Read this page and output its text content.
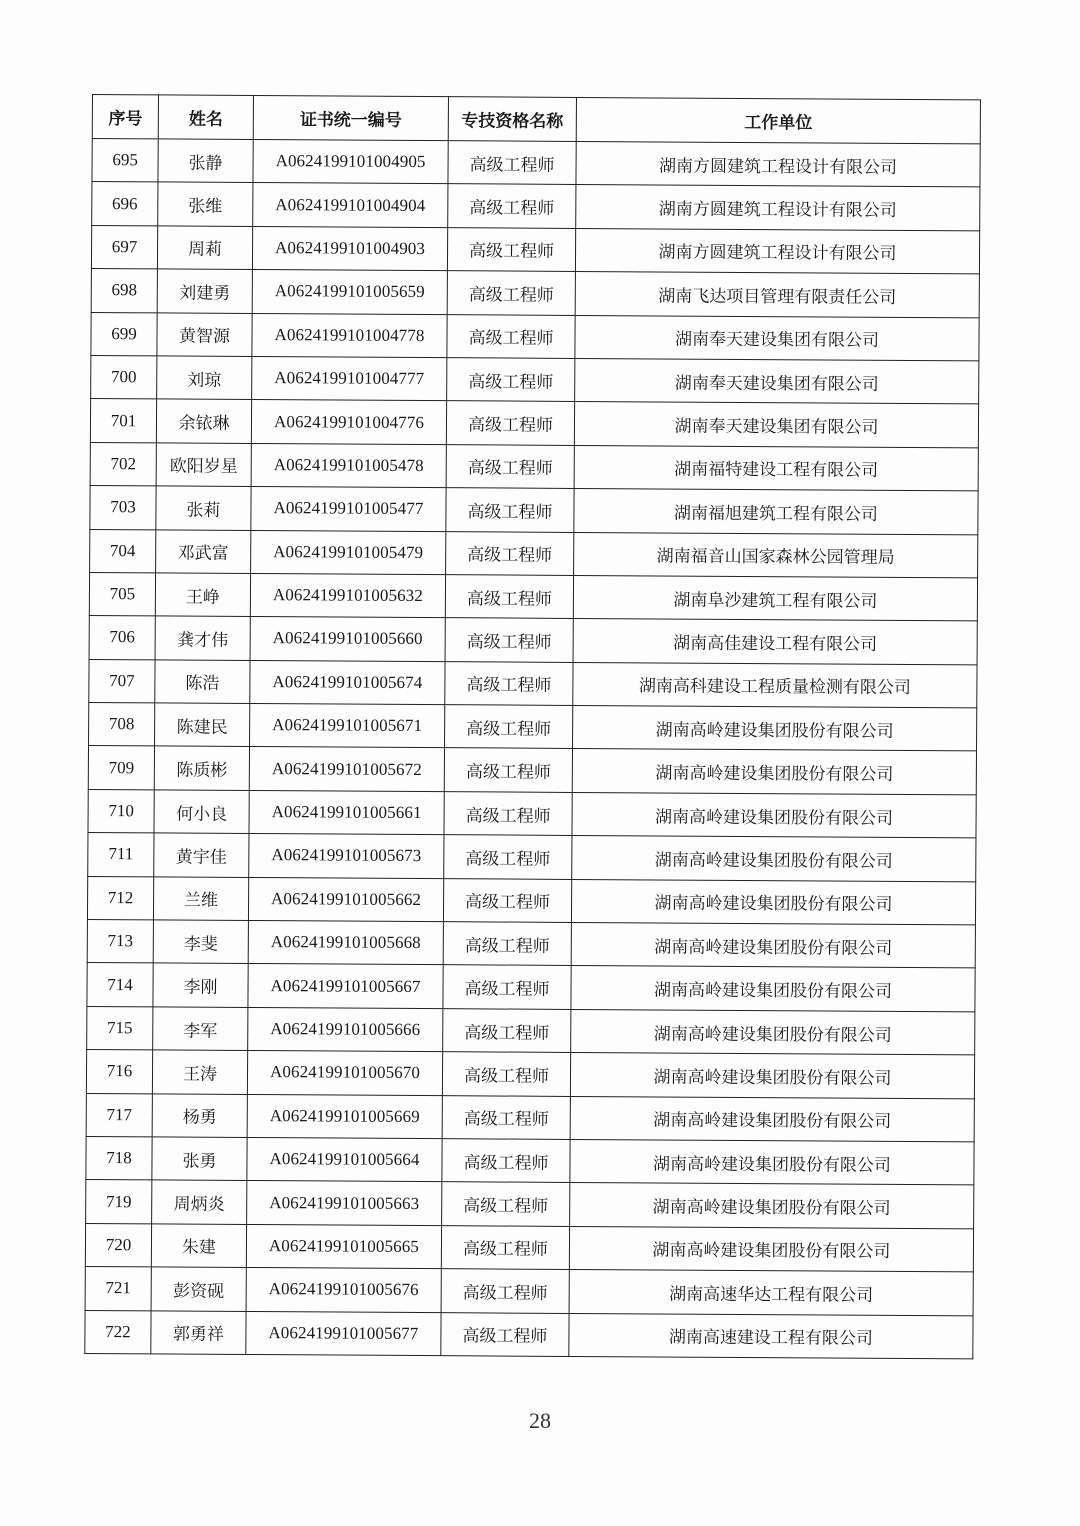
序号	姓名	证书统一编号	专技资格名称	工作单位
695	张静	A0624199101004905	高级工程师	湖南方圆建筑工程设计有限公司
696	张维	A0624199101004904	高级工程师	湖南方圆建筑工程设计有限公司
697	周莉	A0624199101004903	高级工程师	湖南方圆建筑工程设计有限公司
698	刘建勇	A0624199101005659	高级工程师	湖南飞达项目管理有限责任公司
699	黄智源	A0624199101004778	高级工程师	湖南奉天建设集团有限公司
700	刘琼	A0624199101004777	高级工程师	湖南奉天建设集团有限公司
701	余铱琳	A0624199101004776	高级工程师	湖南奉天建设集团有限公司
702	欧阳岁星	A0624199101005478	高级工程师	湖南福特建设工程有限公司
703	张莉	A0624199101005477	高级工程师	湖南福旭建筑工程有限公司
704	邓武富	A0624199101005479	高级工程师	湖南福音山国家森林公园管理局
705	王峥	A0624199101005632	高级工程师	湖南阜沙建筑工程有限公司
706	龚才伟	A0624199101005660	高级工程师	湖南高佳建设工程有限公司
707	陈浩	A0624199101005674	高级工程师	湖南高科建设工程质量检测有限公司
708	陈建民	A0624199101005671	高级工程师	湖南高岭建设集团股份有限公司
709	陈质彬	A0624199101005672	高级工程师	湖南高岭建设集团股份有限公司
710	何小良	A0624199101005661	高级工程师	湖南高岭建设集团股份有限公司
711	黄宇佳	A0624199101005673	高级工程师	湖南高岭建设集团股份有限公司
712	兰维	A0624199101005662	高级工程师	湖南高岭建设集团股份有限公司
713	李斐	A0624199101005668	高级工程师	湖南高岭建设集团股份有限公司
714	李刚	A0624199101005667	高级工程师	湖南高岭建设集团股份有限公司
715	李军	A0624199101005666	高级工程师	湖南高岭建设集团股份有限公司
716	王涛	A0624199101005670	高级工程师	湖南高岭建设集团股份有限公司
717	杨勇	A0624199101005669	高级工程师	湖南高岭建设集团股份有限公司
718	张勇	A0624199101005664	高级工程师	湖南高岭建设集团股份有限公司
719	周炳炎	A0624199101005663	高级工程师	湖南高岭建设集团股份有限公司
720	朱建	A0624199101005665	高级工程师	湖南高岭建设集团股份有限公司
721	彭资砚	A0624199101005676	高级工程师	湖南高速华达工程有限公司
722	郭勇祥	A0624199101005677	高级工程师	湖南高速建设工程有限公司
28
